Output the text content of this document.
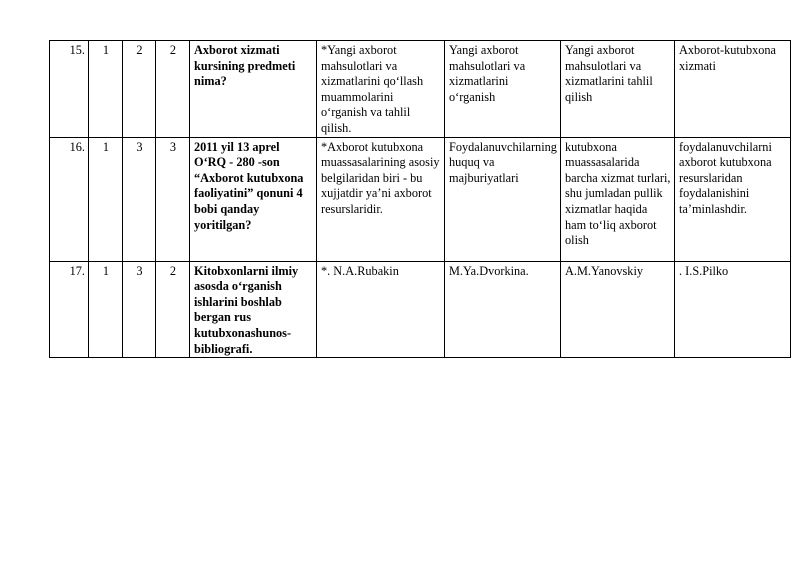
15.	1	2	2	Axborot xizmati kursining predmeti nima?	*Yangi axborot mahsulotlari va xizmatlarini qo‘llash muammolarini o‘rganish va tahlil qilish.	Yangi axborot mahsulotlari va xizmatlarini o‘rganish	Yangi axborot mahsulotlari va xizmatlarini tahlil qilish	Axborot-kutubxona xizmati
16.	1	3	3	2011 yil 13 aprel O‘RQ - 280 -son “Axborot kutubxona faoliyatini” qonuni 4 bobi qanday yoritilgan?	*Axborot kutubxona muassasalarining asosiy belgilaridan biri - bu xujjatdir ya’ni axborot resurslaridir.	Foydalanuvchilarning huquq va majburiyatlari	kutubxona muassasalarida barcha xizmat turlari, shu jumladan pullik xizmatlar haqida ham to‘liq axborot olish	foydalanuvchilarni axborot kutubxona resurslaridan foydalanishini ta’minlashdir.
17.	1	3	2	Kitobxonlarni ilmiy asosda o‘rganish ishlarini boshlab bergan rus kutubxonashunos-bibliografi.	*. N.A.Rubakin	M.Ya.Dvorkina.	A.M.Yanovskiy	. I.S.Pilko
